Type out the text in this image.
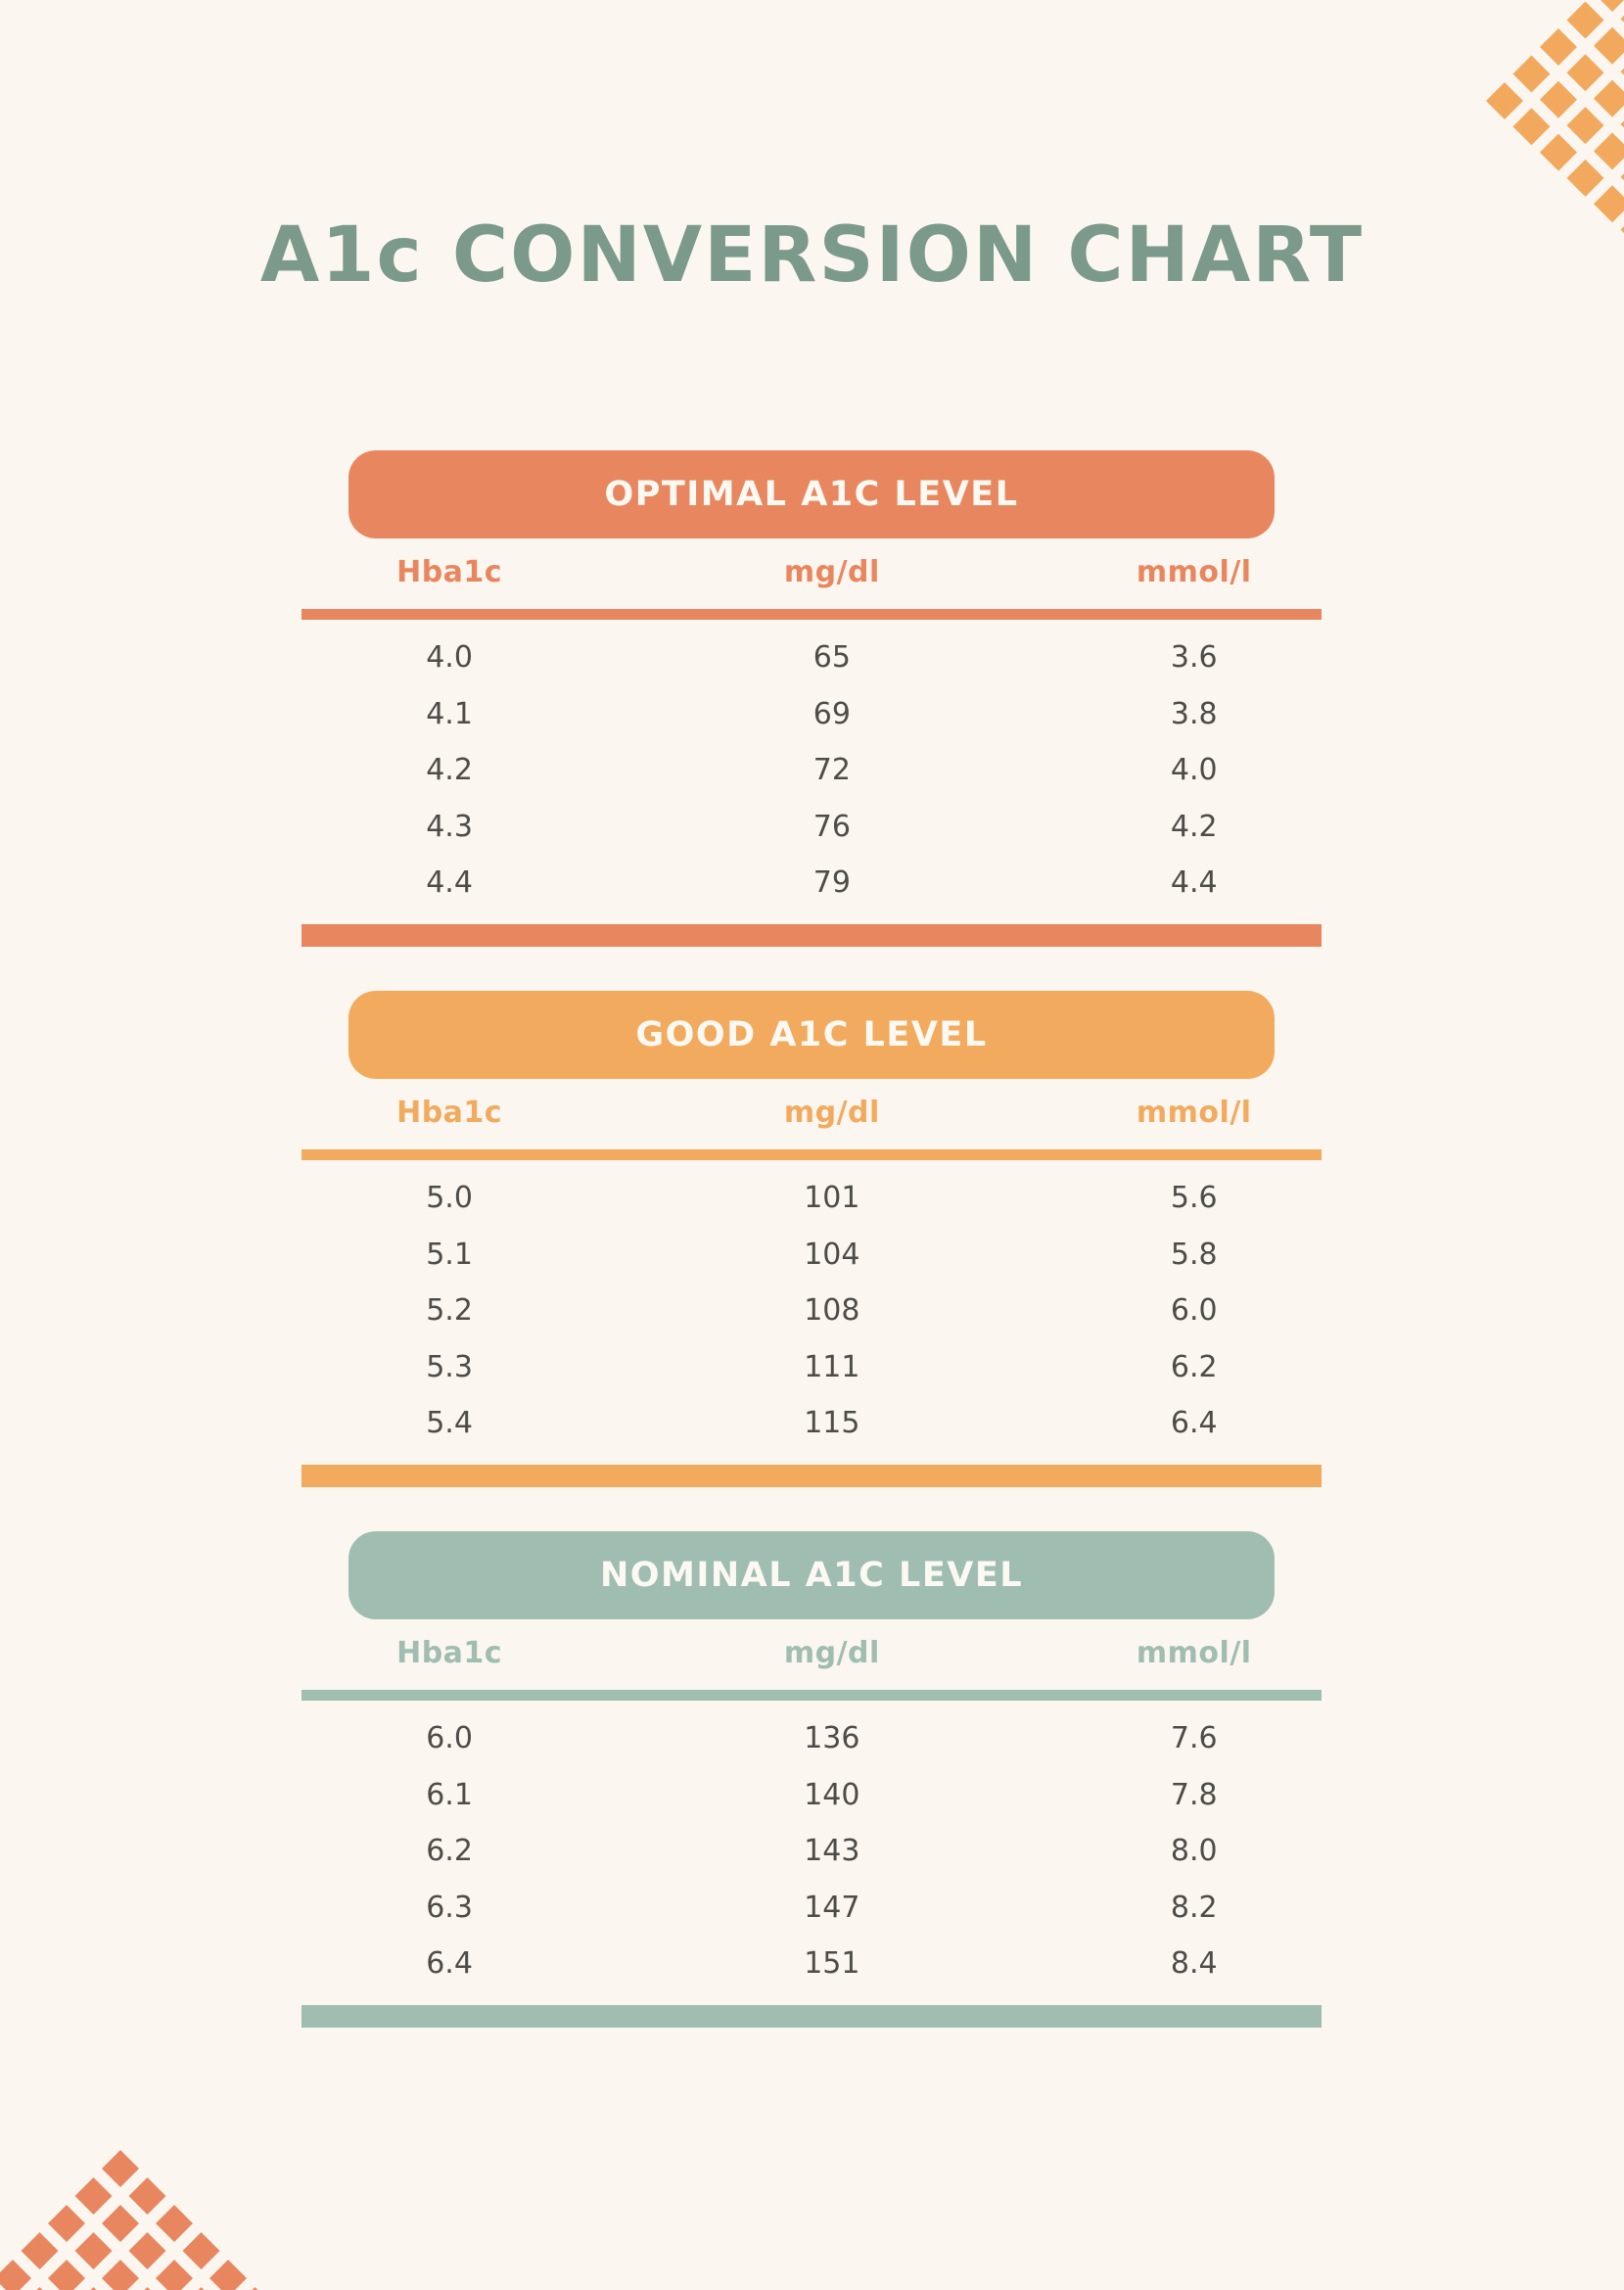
A1c CONVERSION CHART
OPTIMAL A1C LEVEL
Hba1c	mg/dl	mmol/l
4.0	65	3.6
4.1	69	3.8
4.2	72	4.0
4.3	76	4.2
4.4	79	4.4
GOOD A1C LEVEL
Hba1c	mg/dl	mmol/l
5.0	101	5.6
5.1	104	5.8
5.2	108	6.0
5.3	111	6.2
5.4	115	6.4
NOMINAL A1C LEVEL
Hba1c	mg/dl	mmol/l
6.0	136	7.6
6.1	140	7.8
6.2	143	8.0
6.3	147	8.2
6.4	151	8.4
